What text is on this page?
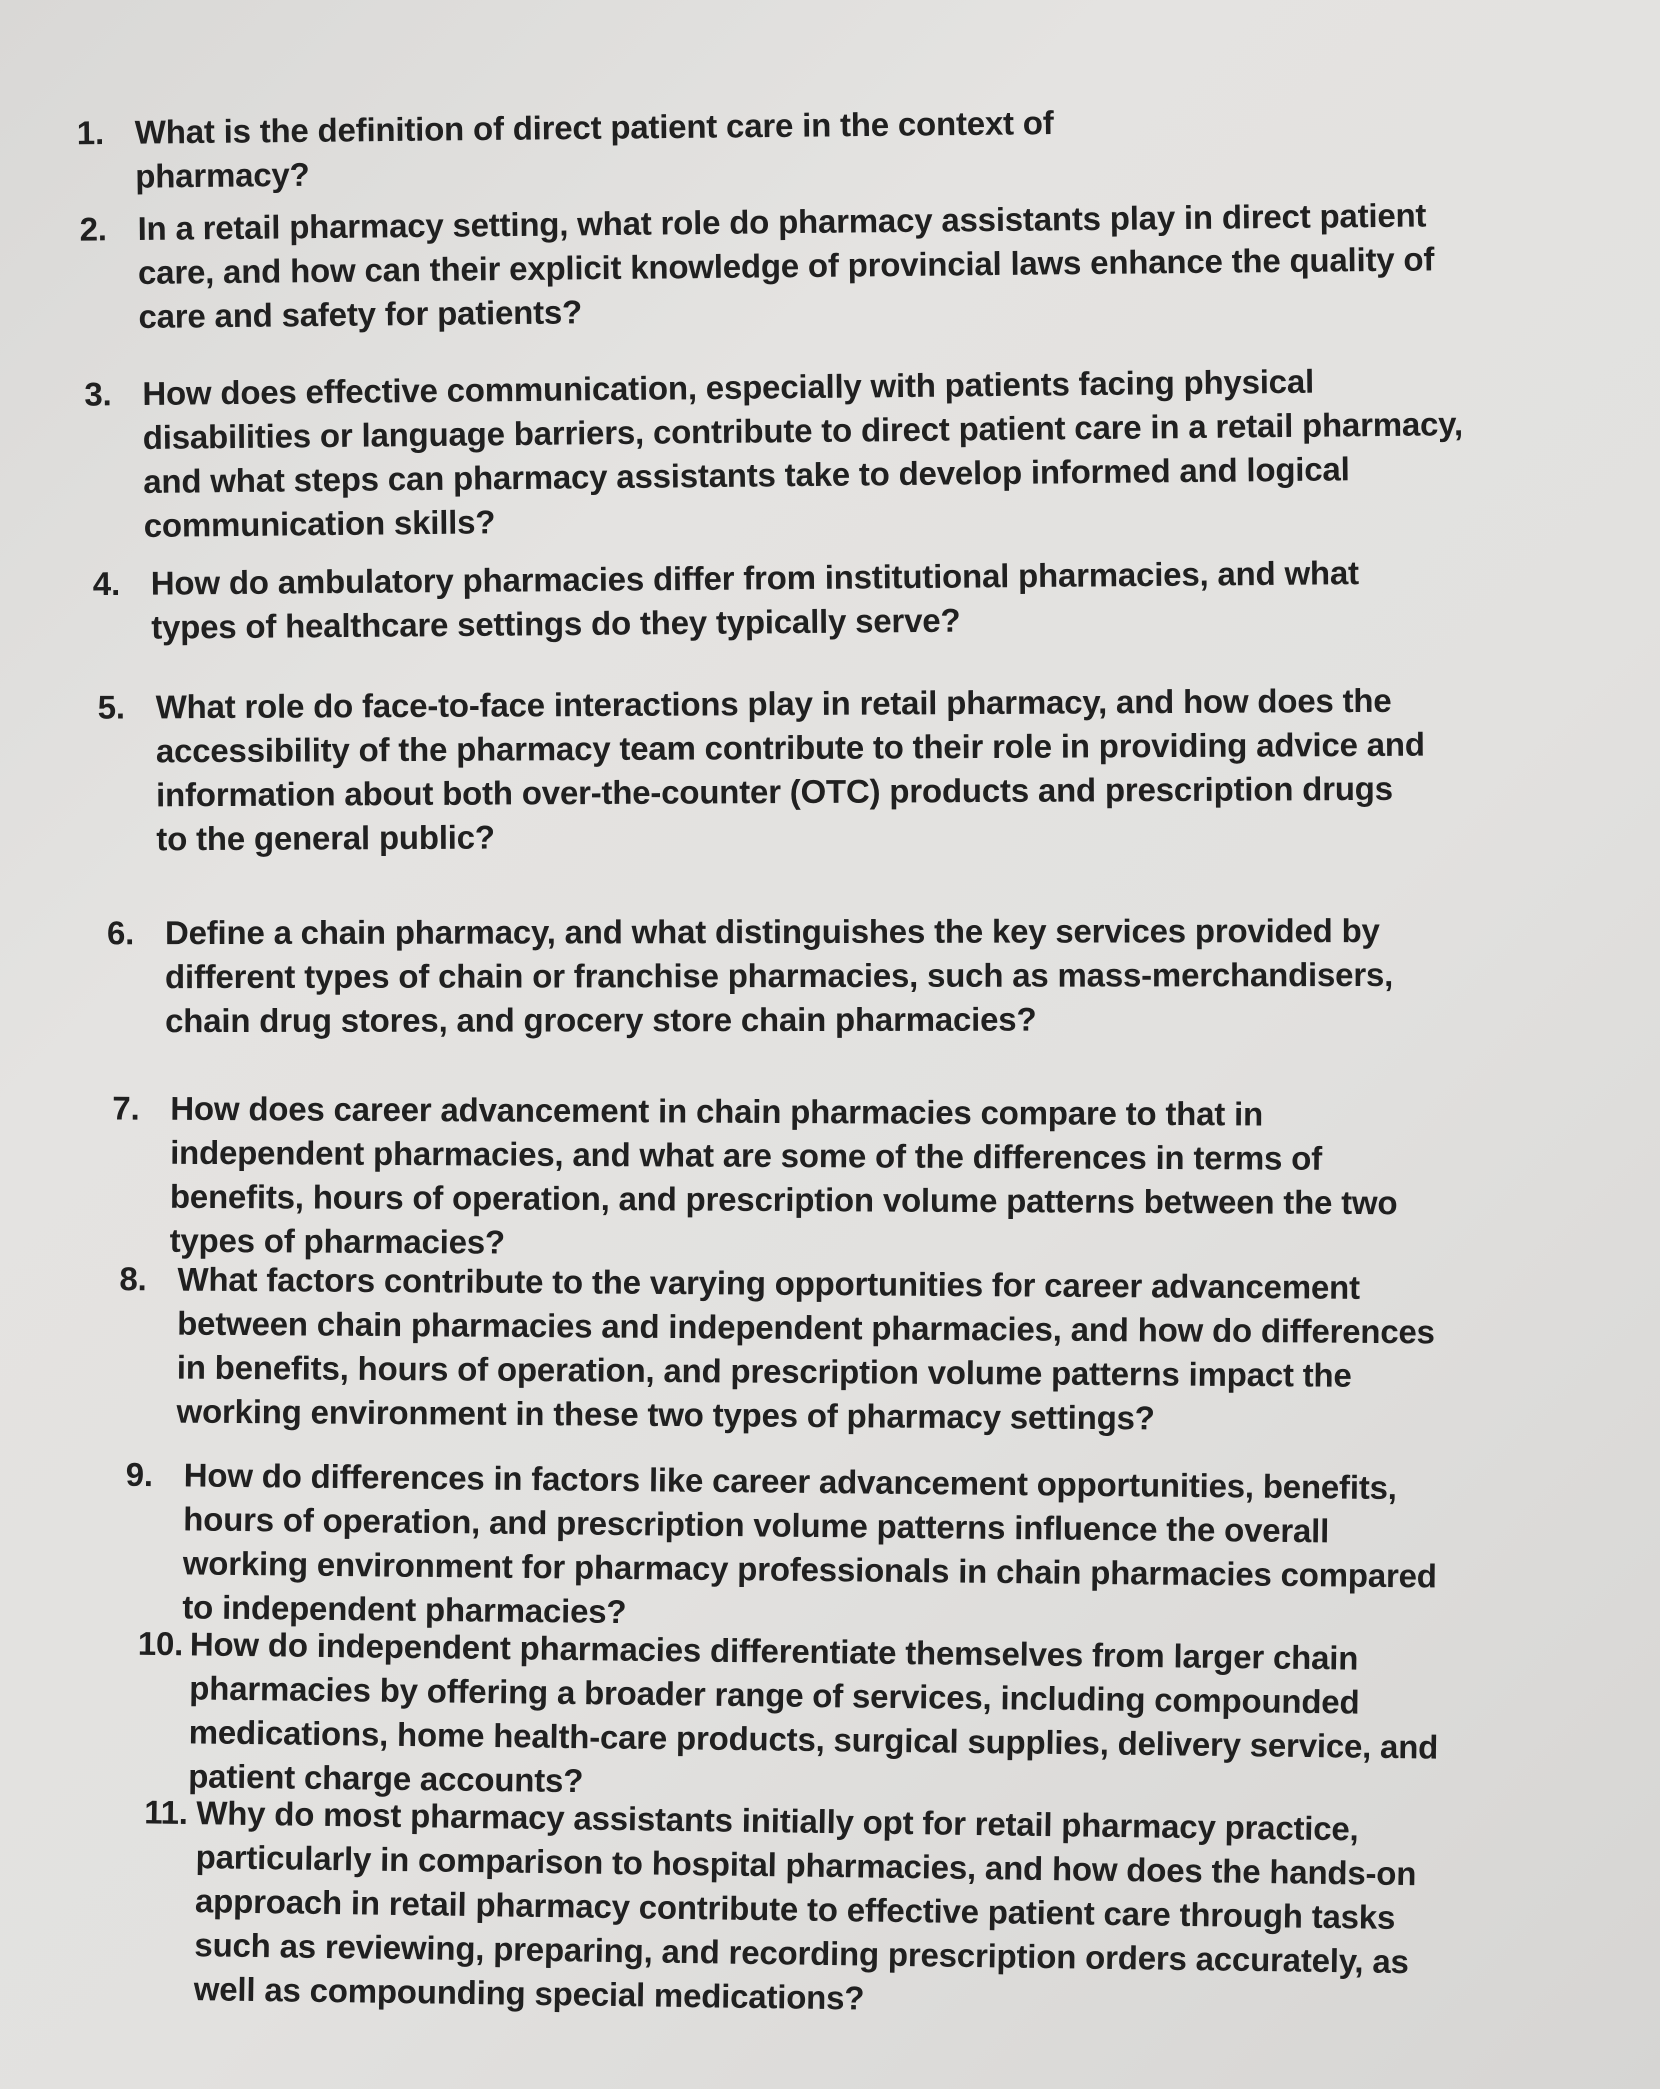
1. What is the definition of direct patient care in the context of pharmacy?
2. In a retail pharmacy setting, what role do pharmacy assistants play in direct patient care, and how can their explicit knowledge of provincial laws enhance the quality of care and safety for patients?
3. How does effective communication, especially with patients facing physical disabilities or language barriers, contribute to direct patient care in a retail pharmacy, and what steps can pharmacy assistants take to develop informed and logical communication skills?
4. How do ambulatory pharmacies differ from institutional pharmacies, and what types of healthcare settings do they typically serve?
5. What role do face-to-face interactions play in retail pharmacy, and how does the accessibility of the pharmacy team contribute to their role in providing advice and information about both over-the-counter (OTC) products and prescription drugs to the general public?
6. Define a chain pharmacy, and what distinguishes the key services provided by different types of chain or franchise pharmacies, such as mass-merchandisers, chain drug stores, and grocery store chain pharmacies?
7. How does career advancement in chain pharmacies compare to that in independent pharmacies, and what are some of the differences in terms of benefits, hours of operation, and prescription volume patterns between the two types of pharmacies?
8. What factors contribute to the varying opportunities for career advancement between chain pharmacies and independent pharmacies, and how do differences in benefits, hours of operation, and prescription volume patterns impact the working environment in these two types of pharmacy settings?
9. How do differences in factors like career advancement opportunities, benefits, hours of operation, and prescription volume patterns influence the overall working environment for pharmacy professionals in chain pharmacies compared to independent pharmacies?
10. How do independent pharmacies differentiate themselves from larger chain pharmacies by offering a broader range of services, including compounded medications, home health-care products, surgical supplies, delivery service, and patient charge accounts?
11. Why do most pharmacy assistants initially opt for retail pharmacy practice, particularly in comparison to hospital pharmacies, and how does the hands-on approach in retail pharmacy contribute to effective patient care through tasks such as reviewing, preparing, and recording prescription orders accurately, as well as compounding special medications?
